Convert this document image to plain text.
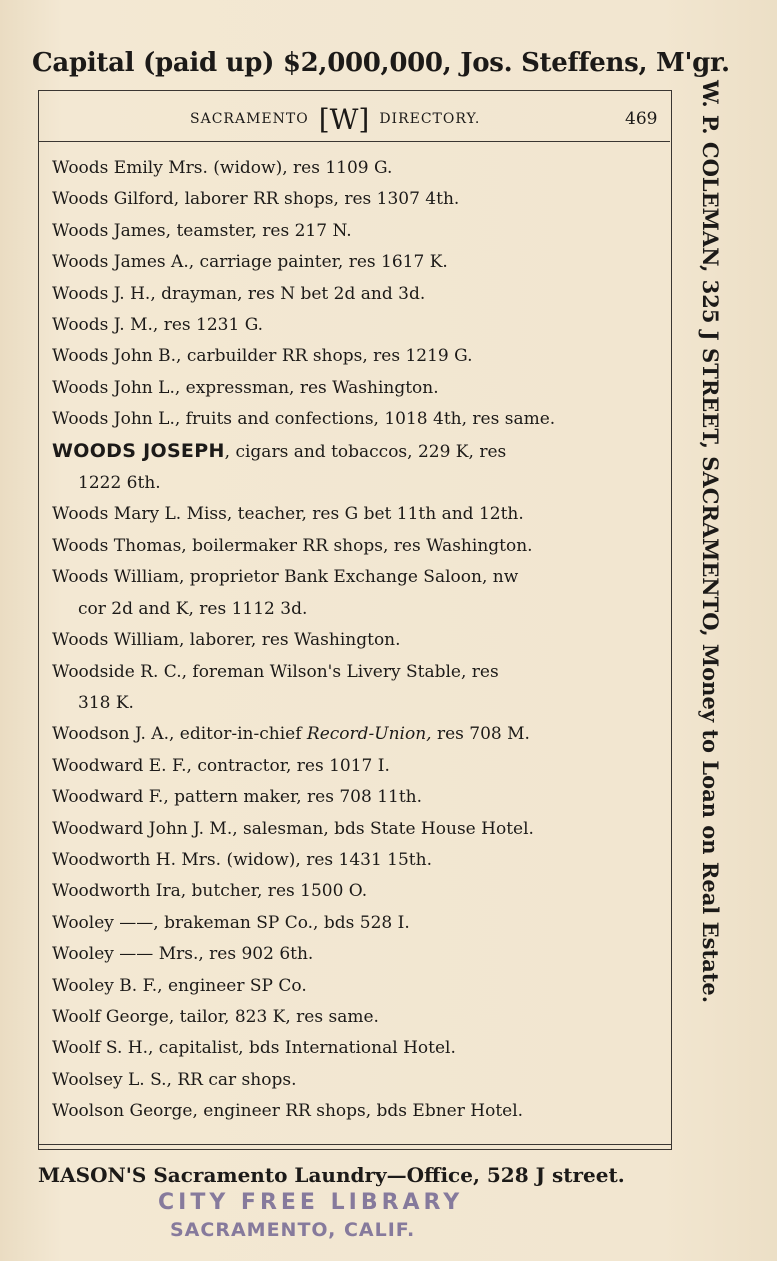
Capital (paid up) $2,000,000, Jos. Steffens, M'gr.
SACRAMENTO [W] DIRECTORY.	469
Woods Emily Mrs. (widow), res 1109 G.
Woods Gilford, laborer RR shops, res 1307 4th.
Woods James, teamster, res 217 N.
Woods James A., carriage painter, res 1617 K.
Woods J. H., drayman, res N bet 2d and 3d.
Woods J. M., res 1231 G.
Woods John B., carbuilder RR shops, res 1219 G.
Woods John L., expressman, res Washington.
Woods John L., fruits and confections, 1018 4th, res same.
WOODS JOSEPH, cigars and tobaccos, 229 K, res
1222 6th.
Woods Mary L. Miss, teacher, res G bet 11th and 12th.
Woods Thomas, boilermaker RR shops, res Washington.
Woods William, proprietor Bank Exchange Saloon, nw
cor 2d and K, res 1112 3d.
Woods William, laborer, res Washington.
Woodside R. C., foreman Wilson's Livery Stable, res
318 K.
Woodson J. A., editor-in-chief Record-Union, res 708 M.
Woodward E. F., contractor, res 1017 I.
Woodward F., pattern maker, res 708 11th.
Woodward John J. M., salesman, bds State House Hotel.
Woodworth H. Mrs. (widow), res 1431 15th.
Woodworth Ira, butcher, res 1500 O.
Wooley ——, brakeman SP Co., bds 528 I.
Wooley —— Mrs., res 902 6th.
Wooley B. F., engineer SP Co.
Woolf George, tailor, 823 K, res same.
Woolf S. H., capitalist, bds International Hotel.
Woolsey L. S., RR car shops.
Woolson George, engineer RR shops, bds Ebner Hotel.
W. P. COLEMAN, 325 J STREET, SACRAMENTO, Money to Loan on Real Estate.
MASON'S Sacramento Laundry—Office, 528 J street.
CITY FREE LIBRARY
SACRAMENTO, CALIF.
